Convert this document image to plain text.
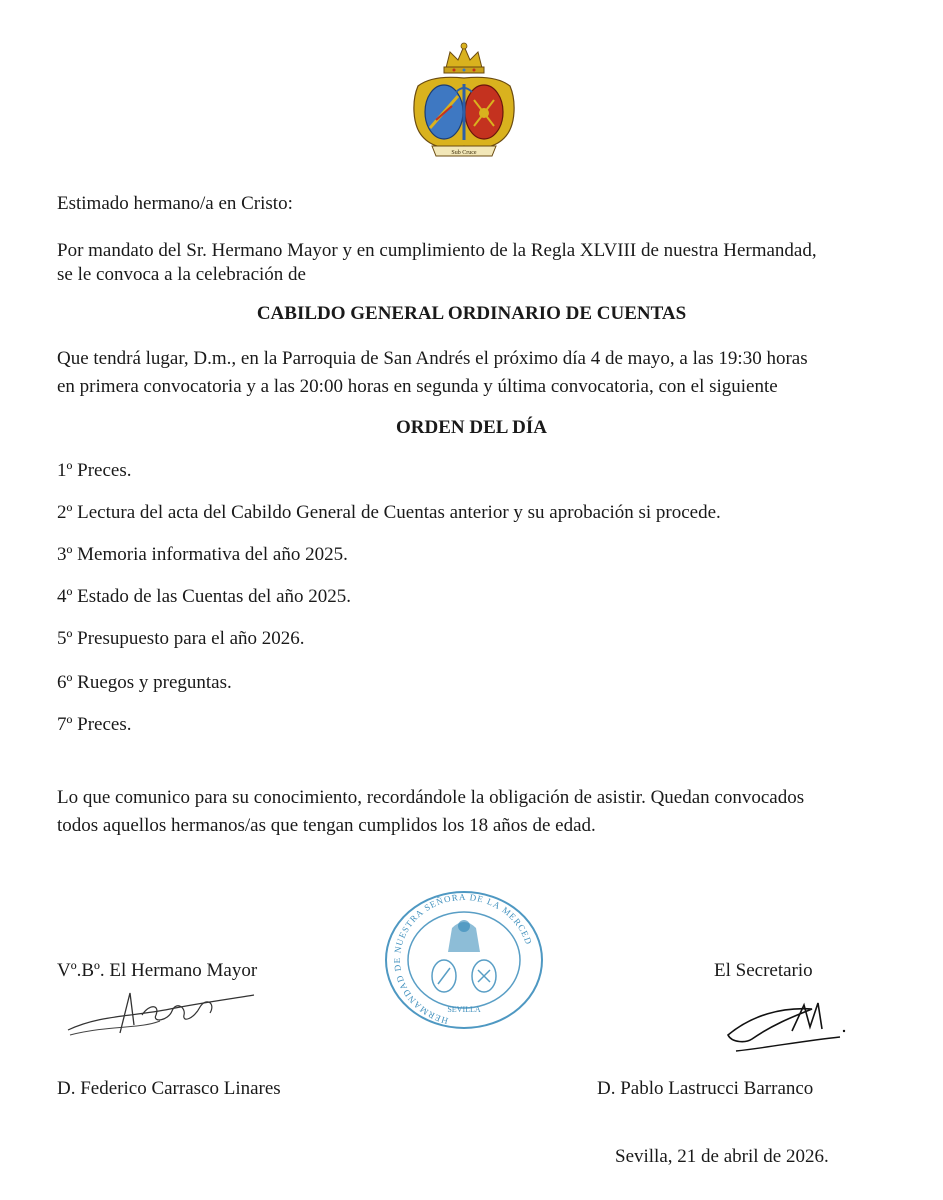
Sub Cruce
Estimado hermano/a en Cristo:
Por mandato del Sr. Hermano Mayor y en cumplimiento de la Regla XLVIII de nuestra Hermandad,
se le convoca a la celebración de
CABILDO GENERAL ORDINARIO DE CUENTAS
Que tendrá lugar, D.m., en la Parroquia de San Andrés el próximo día 4 de mayo, a las 19:30 horas
en primera convocatoria y a las 20:00 horas en segunda y última convocatoria, con el siguiente
ORDEN DEL DÍA
1º Preces.
2º Lectura del acta del Cabildo General de Cuentas anterior y su aprobación si procede.
3º Memoria informativa del año 2025.
4º Estado de las Cuentas del año 2025.
5º Presupuesto para el año 2026.
6º Ruegos y preguntas.
7º Preces.
Lo que comunico para su conocimiento, recordándole la obligación de asistir. Quedan convocados
todos aquellos hermanos/as que tengan cumplidos los 18 años de edad.
HERMANDAD DE NUESTRA SEÑORA DE LA MERCED
SEVILLA
Vº.Bº. El Hermano Mayor	El Secretario
D. Federico Carrasco Linares	D. Pablo Lastrucci Barranco
Sevilla, 21 de abril de 2026.
